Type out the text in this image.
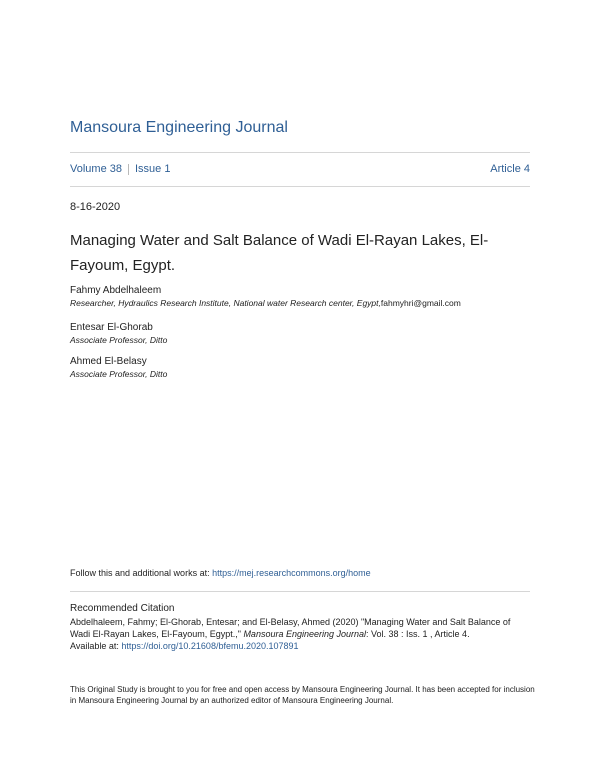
Mansoura Engineering Journal
Volume 38 Issue 1	Article 4
8-16-2020
Managing Water and Salt Balance of Wadi El-Rayan Lakes, El-Fayoum, Egypt.
Fahmy Abdelhaleem
Researcher, Hydraulics Research Institute, National water Research center, Egypt,fahmyhri@gmail.com
Entesar El-Ghorab
Associate Professor, Ditto
Ahmed El-Belasy
Associate Professor, Ditto
Follow this and additional works at: https://mej.researchcommons.org/home
Recommended Citation
Abdelhaleem, Fahmy; El-Ghorab, Entesar; and El-Belasy, Ahmed (2020) "Managing Water and Salt Balance of Wadi El-Rayan Lakes, El-Fayoum, Egypt.," Mansoura Engineering Journal: Vol. 38 : Iss. 1 , Article 4.
Available at: https://doi.org/10.21608/bfemu.2020.107891
This Original Study is brought to you for free and open access by Mansoura Engineering Journal. It has been accepted for inclusion in Mansoura Engineering Journal by an authorized editor of Mansoura Engineering Journal.
